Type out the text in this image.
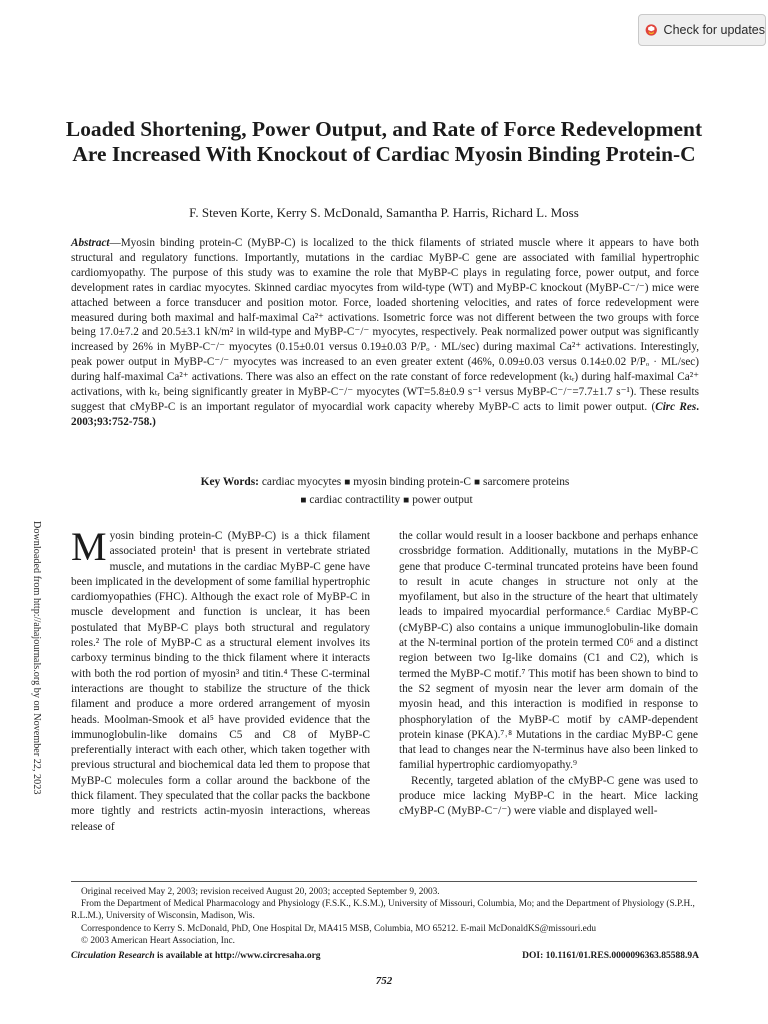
Check for updates
Loaded Shortening, Power Output, and Rate of Force Redevelopment Are Increased With Knockout of Cardiac Myosin Binding Protein-C

F. Steven Korte, Kerry S. McDonald, Samantha P. Harris, Richard L. Moss

Abstract—Myosin binding protein-C (MyBP-C) is localized to the thick filaments of striated muscle where it appears to have both structural and regulatory functions. Importantly, mutations in the cardiac MyBP-C gene are associated with familial hypertrophic cardiomyopathy. The purpose of this study was to examine the role that MyBP-C plays in regulating force, power output, and force development rates in cardiac myocytes. Skinned cardiac myocytes from wild-type (WT) and MyBP-C knockout (MyBP-C⁻/⁻) mice were attached between a force transducer and position motor. Force, loaded shortening velocities, and rates of force redevelopment were measured during both maximal and half-maximal Ca²⁺ activations. Isometric force was not different between the two groups with force being 17.0±7.2 and 20.5±3.1 kN/m² in wild-type and MyBP-C⁻/⁻ myocytes, respectively. Peak normalized power output was significantly increased by 26% in MyBP-C⁻/⁻ myocytes (0.15±0.01 versus 0.19±0.03 P/Pₒ · ML/sec) during maximal Ca²⁺ activations. Interestingly, peak power output in MyBP-C⁻/⁻ myocytes was increased to an even greater extent (46%, 0.09±0.03 versus 0.14±0.02 P/Pₒ · ML/sec) during half-maximal Ca²⁺ activations. There was also an effect on the rate constant of force redevelopment (kₜᵣ) during half-maximal Ca²⁺ activations, with kₜᵣ being significantly greater in MyBP-C⁻/⁻ myocytes (WT=5.8±0.9 s⁻¹ versus MyBP-C⁻/⁻=7.7±1.7 s⁻¹). These results suggest that cMyBP-C is an important regulator of myocardial work capacity whereby MyBP-C acts to limit power output. (Circ Res. 2003;93:752-758.)

Key Words: cardiac myocytes ■ myosin binding protein-C ■ sarcomere proteins
■ cardiac contractility ■ power output

Downloaded from http://ahajournals.org by on November 22, 2023 Myosin binding protein-C (MyBP-C) is a thick filament associated protein¹ that is present in vertebrate striated muscle, and mutations in the cardiac MyBP-C gene have been implicated in the development of some familial hypertrophic cardiomyopathies (FHC). Although the exact role of MyBP-C in muscle development and function is unclear, it has been postulated that MyBP-C plays both structural and regulatory roles.² The role of MyBP-C as a structural element involves its carboxy terminus binding to the thick filament where it interacts with both the rod portion of myosin³ and titin.⁴ These C-terminal interactions are thought to stabilize the structure of the thick filament and produce a more ordered arrangement of myosin heads. Moolman-Smook et al⁵ have provided evidence that the immunoglobulin-like domains C5 and C8 of MyBP-C preferentially interact with each other, which taken together with previous structural and biochemical data led them to propose that MyBP-C molecules form a collar around the backbone of the thick filament. They speculated that the collar packs the backbone more tightly and restricts actin-myosin interactions, whereas release of

the collar would result in a looser backbone and perhaps enhance crossbridge formation. Additionally, mutations in the MyBP-C gene that produce C-terminal truncated proteins have been found to result in acute changes in structure not only at the myofilament, but also in the structure of the heart that ultimately leads to impaired myocardial performance.⁶ Cardiac MyBP-C (cMyBP-C) also contains a unique immunoglobulin-like domain at the N-terminal portion of the protein termed C0⁶ and a distinct region between two Ig-like domains (C1 and C2), which is termed the MyBP-C motif.⁷ This motif has been shown to bind to the S2 segment of myosin near the lever arm domain of the myosin head, and this interaction is modified in response to phosphorylation of the MyBP-C motif by cAMP-dependent protein kinase (PKA).⁷˒⁸ Mutations in the cardiac MyBP-C gene that lead to changes near the N-terminus have also been linked to familial hypertrophic cardiomyopathy.⁹

Recently, targeted ablation of the cMyBP-C gene was used to produce mice lacking MyBP-C in the heart. Mice lacking cMyBP-C (MyBP-C⁻/⁻) were viable and displayed well-

Original received May 2, 2003; revision received August 20, 2003; accepted September 9, 2003.

From the Department of Medical Pharmacology and Physiology (F.S.K., K.S.M.), University of Missouri, Columbia, Mo; and the Department of Physiology (S.P.H., R.L.M.), University of Wisconsin, Madison, Wis.

Correspondence to Kerry S. McDonald, PhD, One Hospital Dr, MA415 MSB, Columbia, MO 65212. E-mail McDonaldKS@missouri.edu

© 2003 American Heart Association, Inc.

Circulation Research is available at http://www.circresaha.org	DOI: 10.1161/01.RES.0000096363.85588.9A
752
